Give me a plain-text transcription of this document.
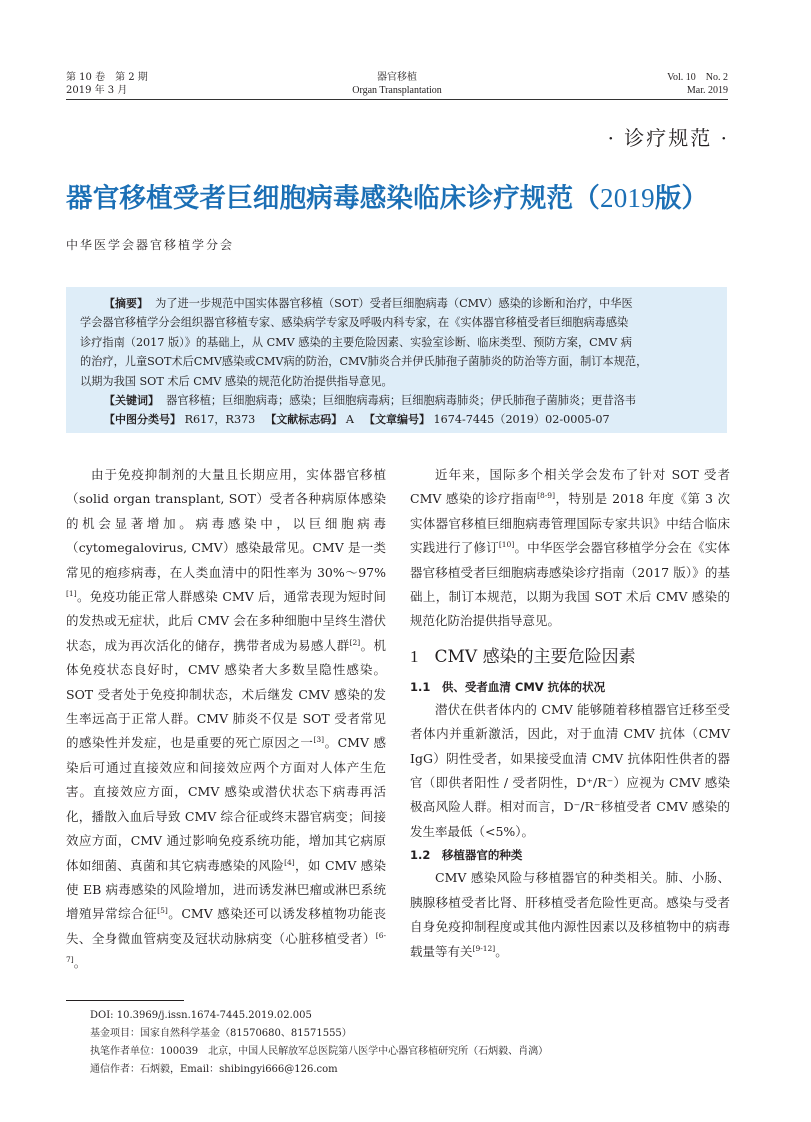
第 10 卷　第 2 期
2019 年 3 月
器官移植
Organ Transplantation
Vol. 10　No. 2
Mar. 2019
· 诊疗规范 ·
器官移植受者巨细胞病毒感染临床诊疗规范（2019版）
中华医学会器官移植学分会
【摘要】 为了进一步规范中国实体器官移植（SOT）受者巨细胞病毒（CMV）感染的诊断和治疗，中华医
学会器官移植学分会组织器官移植专家、感染病学专家及呼吸内科专家，在《实体器官移植受者巨细胞病毒感染
诊疗指南（2017 版）》的基础上，从 CMV 感染的主要危险因素、实验室诊断、临床类型、预防方案，CMV 病
的治疗，儿童SOT术后CMV感染或CMV病的防治，CMV肺炎合并伊氏肺孢子菌肺炎的防治等方面，制订本规范，
以期为我国 SOT 术后 CMV 感染的规范化防治提供指导意见。
【关键词】 器官移植；巨细胞病毒；感染；巨细胞病毒病；巨细胞病毒肺炎；伊氏肺孢子菌肺炎；更昔洛韦
【中图分类号】 R617，R373 【文献标志码】 A 【文章编号】 1674-7445（2019）02-0005-07

由于免疫抑制剂的大量且长期应用，实体器官移植（solid organ transplant, SOT）受者各种病原体感染的机会显著增加。病毒感染中，以巨细胞病毒（cytomegalovirus, CMV）感染最常见。CMV 是一类常见的疱疹病毒，在人类血清中的阳性率为 30%～97%[1]。免疫功能正常人群感染 CMV 后，通常表现为短时间的发热或无症状，此后 CMV 会在多种细胞中呈终生潜伏状态，成为再次活化的储存，携带者成为易感人群[2]。机体免疫状态良好时，CMV 感染者大多数呈隐性感染。SOT 受者处于免疫抑制状态，术后继发 CMV 感染的发生率远高于正常人群。CMV 肺炎不仅是 SOT 受者常见的感染性并发症，也是重要的死亡原因之一[3]。CMV 感染后可通过直接效应和间接效应两个方面对人体产生危害。直接效应方面，CMV 感染或潜伏状态下病毒再活化，播散入血后导致 CMV 综合征或终末器官病变；间接效应方面，CMV 通过影响免疫系统功能，增加其它病原体如细菌、真菌和其它病毒感染的风险[4]，如 CMV 感染使 EB 病毒感染的风险增加，进而诱发淋巴瘤或淋巴系统增殖异常综合征[5]。CMV 感染还可以诱发移植物功能丧失、全身微血管病变及冠状动脉病变（心脏移植受者）[6-7]。

近年来，国际多个相关学会发布了针对 SOT 受者 CMV 感染的诊疗指南[8-9]，特别是 2018 年度《第 3 次实体器官移植巨细胞病毒管理国际专家共识》中结合临床实践进行了修订[10]。中华医学会器官移植学分会在《实体器官移植受者巨细胞病毒感染诊疗指南（2017 版）》的基础上，制订本规范，以期为我国 SOT 术后 CMV 感染的规范化防治提供指导意见。

1 CMV 感染的主要危险因素
1.1　供、受者血清 CMV 抗体的状况

潜伏在供者体内的 CMV 能够随着移植器官迁移至受者体内并重新激活，因此，对于血清 CMV 抗体（CMV IgG）阴性受者，如果接受血清 CMV 抗体阳性供者的器官（即供者阳性 / 受者阴性，D⁺/R⁻）应视为 CMV 感染极高风险人群。相对而言，D⁻/R⁻移植受者 CMV 感染的发生率最低（<5%）。

1.2　移植器官的种类

CMV 感染风险与移植器官的种类相关。肺、小肠、胰腺移植受者比肾、肝移植受者危险性更高。感染与受者自身免疫抑制程度或其他内源性因素以及移植物中的病毒载量等有关[9-12]。

DOI: 10.3969/j.issn.1674-7445.2019.02.005
基金项目：国家自然科学基金（81570680、81571555）
执笔作者单位：100039　北京，中国人民解放军总医院第八医学中心器官移植研究所（石炳毅、肖漓）
通信作者：石炳毅，Email：shibingyi666@126.com
